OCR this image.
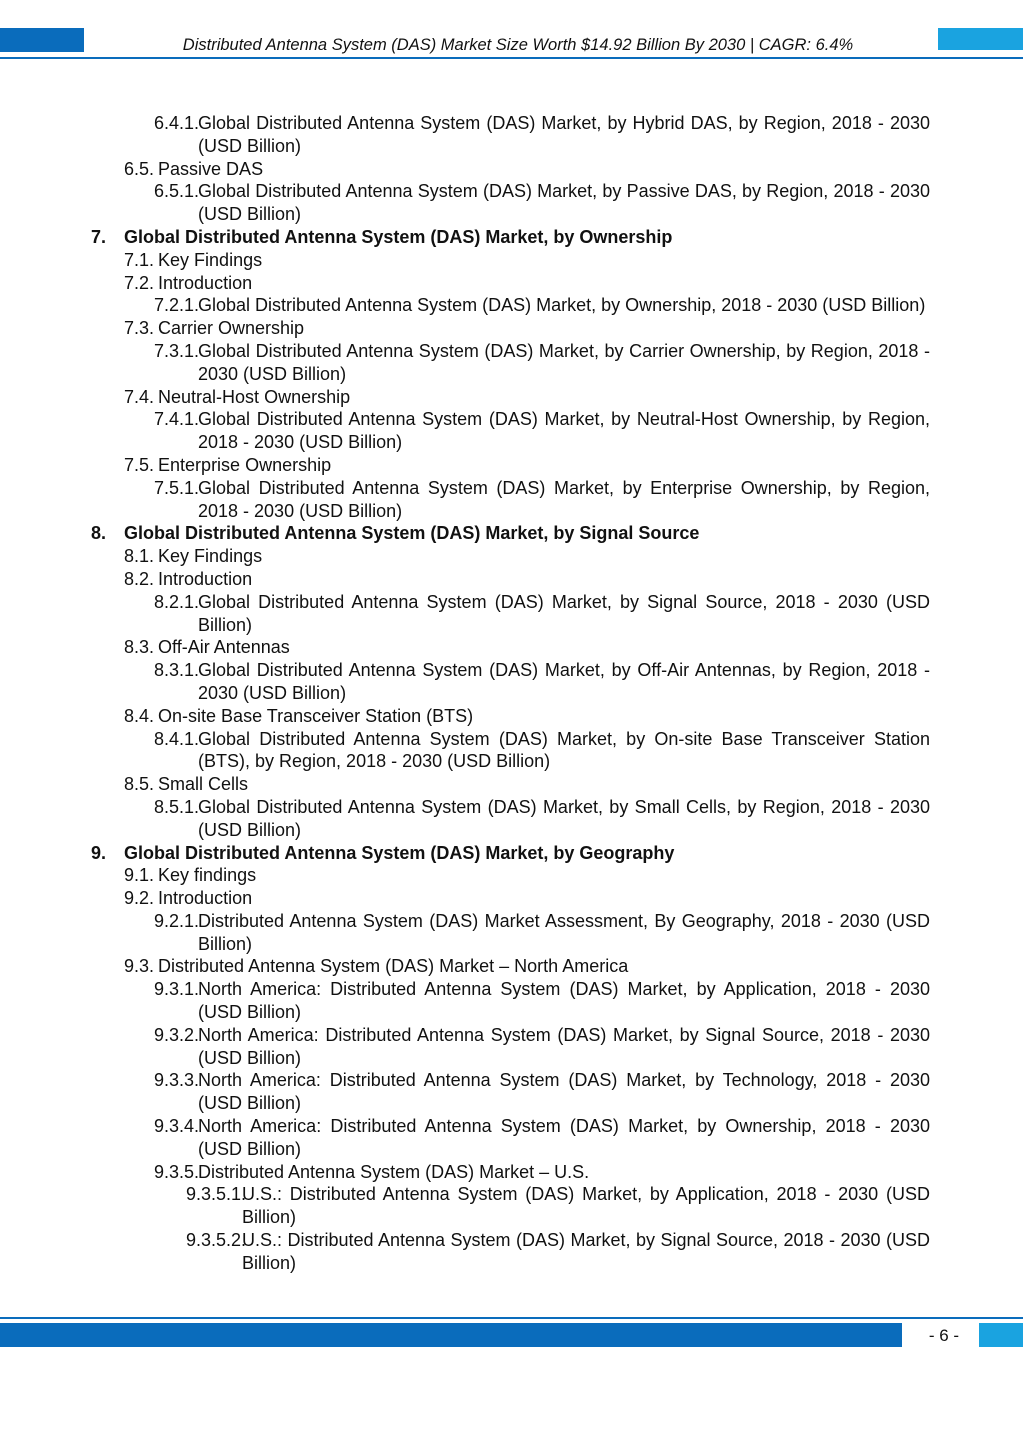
Distributed Antenna System (DAS) Market Size Worth $14.92 Billion By 2030 | CAGR: 6.4%
6.4.1.
Global Distributed Antenna System (DAS) Market, by Hybrid DAS, by Region, 2018 - 2030 (USD Billion)
6.5. Passive DAS
6.5.1.
Global Distributed Antenna System (DAS) Market, by Passive DAS, by Region, 2018 - 2030 (USD Billion)
7. Global Distributed Antenna System (DAS) Market, by Ownership
7.1. Key Findings
7.2. Introduction
7.2.1.
Global Distributed Antenna System (DAS) Market, by Ownership, 2018 - 2030 (USD Billion)
7.3. Carrier Ownership
7.3.1.
Global Distributed Antenna System (DAS) Market, by Carrier Ownership, by Region, 2018 - 2030 (USD Billion)
7.4. Neutral-Host Ownership
7.4.1.
Global Distributed Antenna System (DAS) Market, by Neutral-Host Ownership, by Region, 2018 - 2030 (USD Billion)
7.5. Enterprise Ownership
7.5.1.
Global Distributed Antenna System (DAS) Market, by Enterprise Ownership, by Region, 2018 - 2030 (USD Billion)
8. Global Distributed Antenna System (DAS) Market, by Signal Source
8.1. Key Findings
8.2. Introduction
8.2.1.
Global Distributed Antenna System (DAS) Market, by Signal Source, 2018 - 2030 (USD Billion)
8.3. Off-Air Antennas
8.3.1.
Global Distributed Antenna System (DAS) Market, by Off-Air Antennas, by Region, 2018 - 2030 (USD Billion)
8.4. On-site Base Transceiver Station (BTS)
8.4.1.
Global Distributed Antenna System (DAS) Market, by On-site Base Transceiver Station (BTS), by Region, 2018 - 2030 (USD Billion)
8.5. Small Cells
8.5.1.
Global Distributed Antenna System (DAS) Market, by Small Cells, by Region, 2018 - 2030 (USD Billion)
9. Global Distributed Antenna System (DAS) Market, by Geography
9.1. Key findings
9.2. Introduction
9.2.1.
Distributed Antenna System (DAS) Market Assessment, By Geography, 2018 - 2030 (USD Billion)
9.3. Distributed Antenna System (DAS) Market – North America
9.3.1.
North America: Distributed Antenna System (DAS) Market, by Application, 2018 - 2030 (USD Billion)
9.3.2.
North America: Distributed Antenna System (DAS) Market, by Signal Source, 2018 - 2030 (USD Billion)
9.3.3.
North America: Distributed Antenna System (DAS) Market, by Technology, 2018 - 2030 (USD Billion)
9.3.4.
North America: Distributed Antenna System (DAS) Market, by Ownership, 2018 - 2030 (USD Billion)
9.3.5.
Distributed Antenna System (DAS) Market – U.S.
9.3.5.1.
U.S.: Distributed Antenna System (DAS) Market, by Application, 2018 - 2030 (USD Billion)
9.3.5.2.
U.S.: Distributed Antenna System (DAS) Market, by Signal Source, 2018 - 2030 (USD Billion)
- 6 -
